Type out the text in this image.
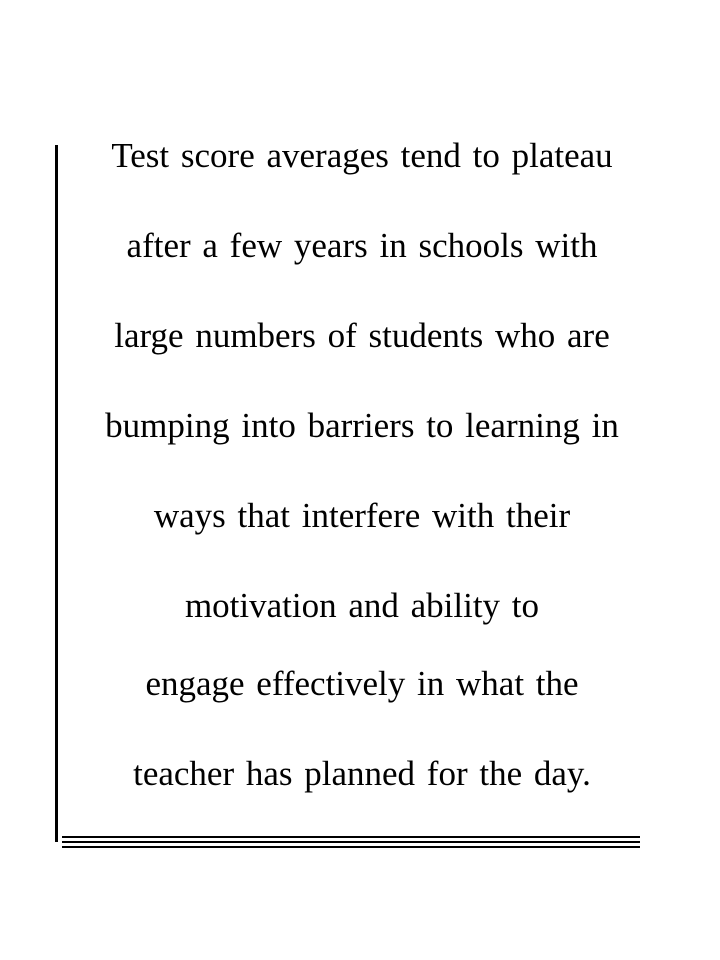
Test score averages tend to plateau
after a few years in schools with
large numbers of students who are
bumping into barriers to learning in
ways that interfere with their
motivation and ability to
engage effectively in what the
teacher has planned for the day.
